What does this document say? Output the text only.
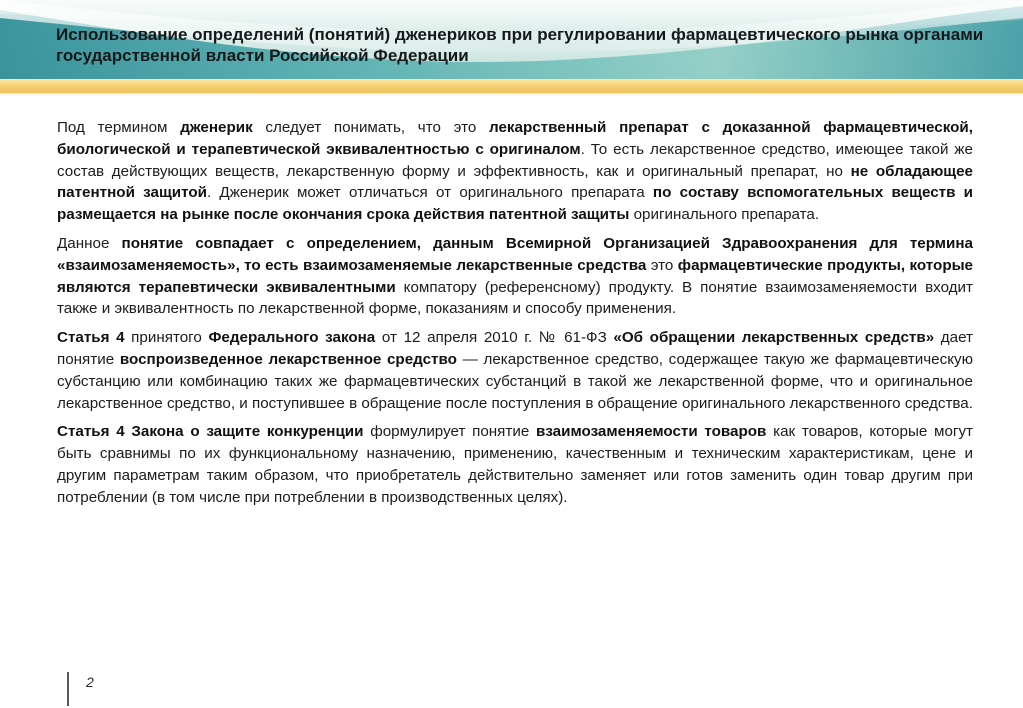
Использование определений (понятий) дженериков при регулировании фармацевтического рынка органами государственной власти Российской Федерации

Под термином дженерик следует понимать, что это лекарственный препарат с доказанной фармацевтической, биологической и терапевтической эквивалентностью с оригиналом. То есть лекарственное средство, имеющее такой же состав действующих веществ, лекарственную форму и эффективность, как и оригинальный препарат, но не обладающее патентной защитой. Дженерик может отличаться от оригинального препарата по составу вспомогательных веществ и размещается на рынке после окончания срока действия патентной защиты оригинального препарата.

Данное понятие совпадает с определением, данным Всемирной Организацией Здравоохранения для термина «взаимозаменяемость», то есть взаимозаменяемые лекарственные средства это фармацевтические продукты, которые являются терапевтически эквивалентными компатору (референсному) продукту. В понятие взаимозаменяемости входит также и эквивалентность по лекарственной форме, показаниям и способу применения.

Статья 4 принятого Федерального закона от 12 апреля 2010 г. № 61-ФЗ «Об обращении лекарственных средств» дает понятие воспроизведенное лекарственное средство — лекарственное средство, содержащее такую же фармацевтическую субстанцию или комбинацию таких же фармацевтических субстанций в такой же лекарственной форме, что и оригинальное лекарственное средство, и поступившее в обращение после поступления в обращение оригинального лекарственного средства.

Статья 4 Закона о защите конкуренции формулирует понятие взаимозаменяемости товаров как товаров, которые могут быть сравнимы по их функциональному назначению, применению, качественным и техническим характеристикам, цене и другим параметрам таким образом, что приобретатель действительно заменяет или готов заменить один товар другим при потреблении (в том числе при потреблении в производственных целях).

2
